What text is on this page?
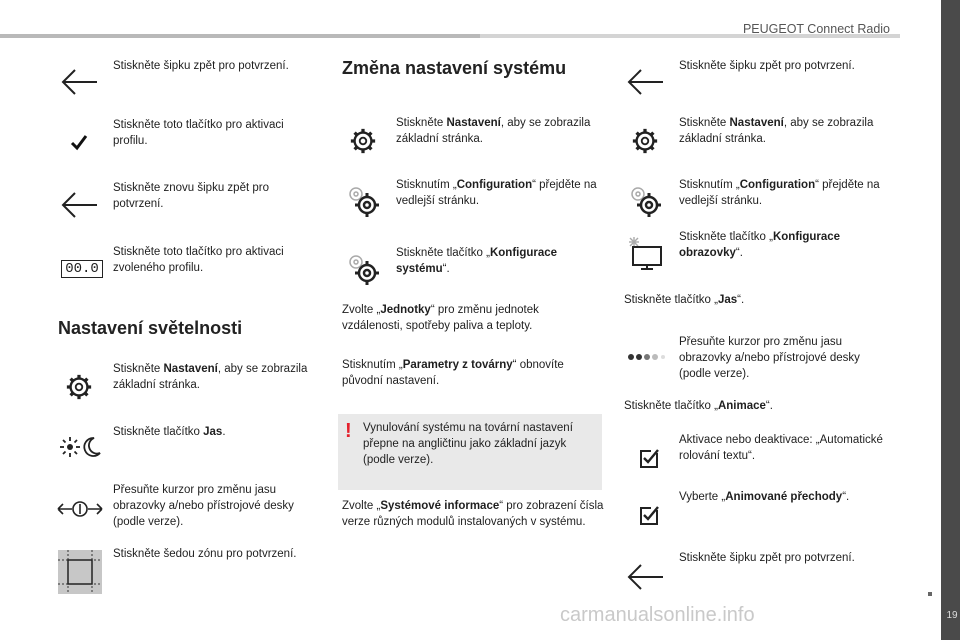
PEUGEOT Connect Radio
19
carmanualsonline.info
Stiskněte šipku zpět pro potvrzení.
Stiskněte toto tlačítko pro aktivaci profilu.
Stiskněte znovu šipku zpět pro potvrzení.
00.0
Stiskněte toto tlačítko pro aktivaci zvoleného profilu.
Nastavení světelnosti
Stiskněte Nastavení, aby se zobrazila základní stránka.
Stiskněte tlačítko Jas.
Přesuňte kurzor pro změnu jasu obrazovky a/nebo přístrojové desky (podle verze).
Stiskněte šedou zónu pro potvrzení.
Změna nastavení systému
Stiskněte Nastavení, aby se zobrazila základní stránka.
Stisknutím „Configuration“ přejděte na vedlejší stránku.
Stiskněte tlačítko „Konfigurace systému“.
Zvolte „Jednotky“ pro změnu jednotek vzdálenosti, spotřeby paliva a teploty.
Stisknutím „Parametry z továrny“ obnovíte původní nastavení.
! Vynulování systému na tovární nastavení přepne na angličtinu jako základní jazyk (podle verze).
Zvolte „Systémové informace“ pro zobrazení čísla verze různých modulů instalovaných v systému.
Stiskněte šipku zpět pro potvrzení.
Stiskněte Nastavení, aby se zobrazila základní stránka.
Stisknutím „Configuration“ přejděte na vedlejší stránku.
Stiskněte tlačítko „Konfigurace obrazovky“.
Stiskněte tlačítko „Jas“.
Přesuňte kurzor pro změnu jasu obrazovky a/nebo přístrojové desky (podle verze).
Stiskněte tlačítko „Animace“.
Aktivace nebo deaktivace: „Automatické rolování textu“.
Vyberte „Animované přechody“.
Stiskněte šipku zpět pro potvrzení.
